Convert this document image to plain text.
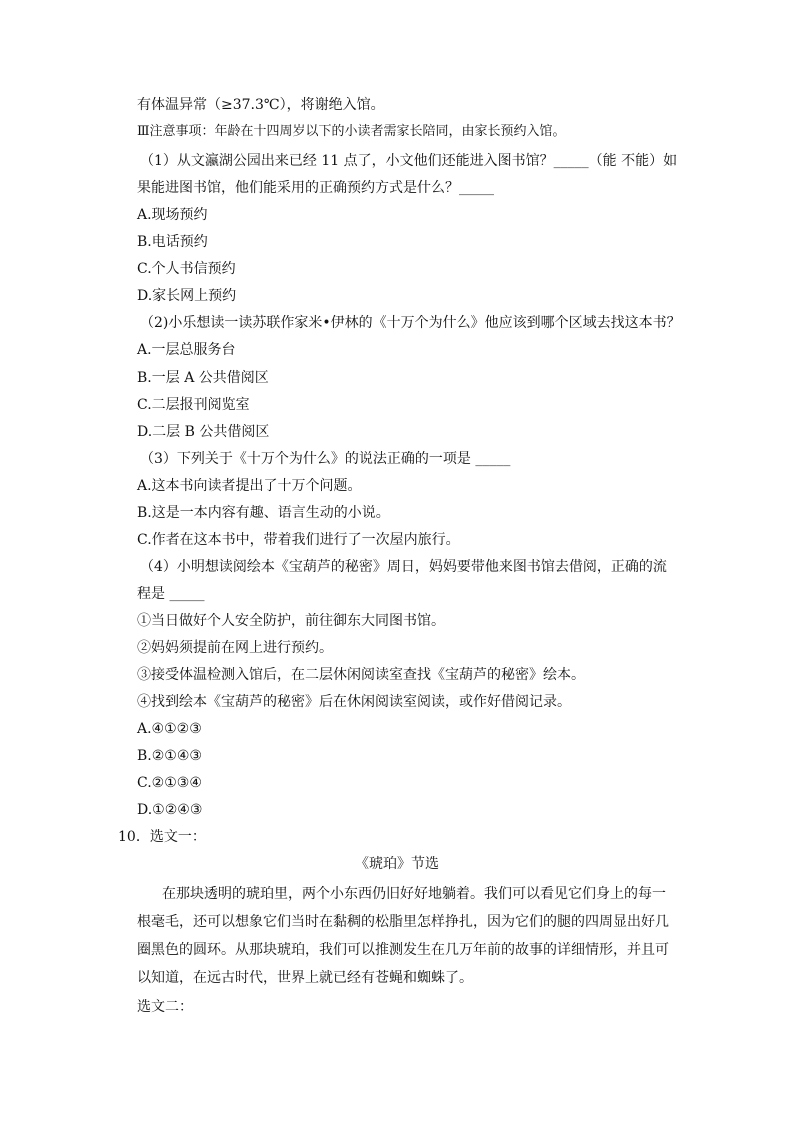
有体温异常（≥37.3℃），将谢绝入馆。
Ⅲ注意事项：年龄在十四周岁以下的小读者需家长陪同，由家长预约入馆。
（1）从文瀛湖公园出来已经 11 点了，小文他们还能进入图书馆？_____（能 不能）如
果能进图书馆，他们能采用的正确预约方式是什么？_____
A.现场预约
B.电话预约
C.个人书信预约
D.家长网上预约
（2)小乐想读一读苏联作家米•伊林的《十万个为什么》他应该到哪个区域去找这本书？
A.一层总服务台
B.一层 A 公共借阅区
C.二层报刊阅览室
D.二层 B 公共借阅区
（3）下列关于《十万个为什么》的说法正确的一项是 _____
A.这本书向读者提出了十万个问题。
B.这是一本内容有趣、语言生动的小说。
C.作者在这本书中，带着我们进行了一次屋内旅行。
（4）小明想读阅绘本《宝葫芦的秘密》周日，妈妈要带他来图书馆去借阅，正确的流
程是 _____
①当日做好个人安全防护，前往御东大同图书馆。
②妈妈须提前在网上进行预约。
③接受体温检测入馆后，在二层休闲阅读室查找《宝葫芦的秘密》绘本。
④找到绘本《宝葫芦的秘密》后在休闲阅读室阅读，或作好借阅记录。
A.④①②③
B.②①④③
C.②①③④
D.①②④③
10．选文一：
《琥珀》节选
在那块透明的琥珀里，两个小东西仍旧好好地躺着。我们可以看见它们身上的每一
根毫毛，还可以想象它们当时在黏稠的松脂里怎样挣扎，因为它们的腿的四周显出好几
圈黑色的圆环。从那块琥珀，我们可以推测发生在几万年前的故事的详细情形，并且可
以知道，在远古时代，世界上就已经有苍蝇和蜘蛛了。
选文二：
